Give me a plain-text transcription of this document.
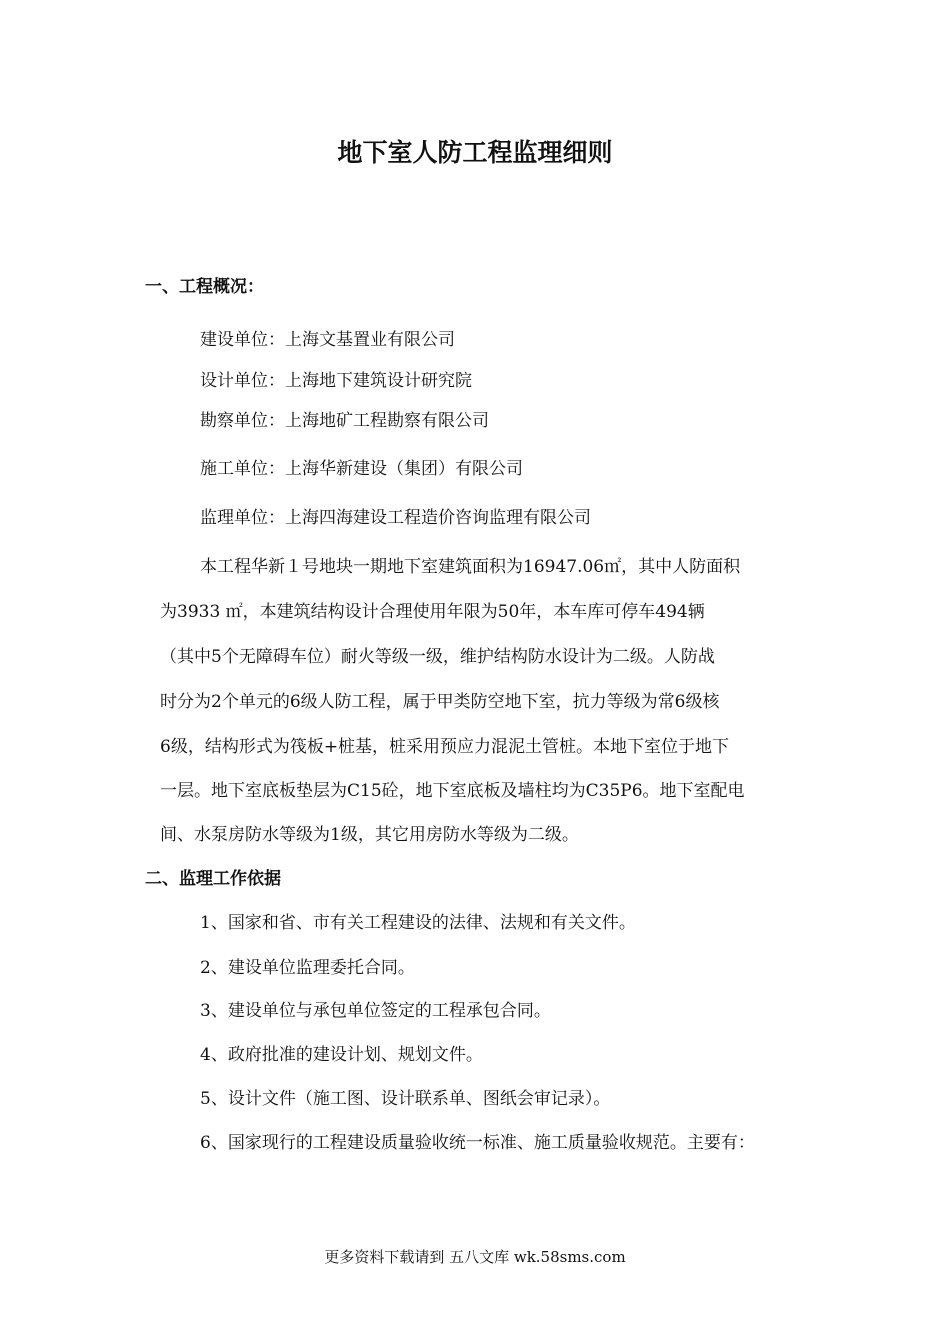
地下室人防工程监理细则
一、工程概况：
建设单位：上海文基置业有限公司
设计单位：上海地下建筑设计研究院
勘察单位：上海地矿工程勘察有限公司
施工单位：上海华新建设（集团）有限公司
监理单位：上海四海建设工程造价咨询监理有限公司
本工程华新１号地块一期地下室建筑面积为16947.06㎡，其中人防面积
为3933 ㎡，本建筑结构设计合理使用年限为50年，本车库可停车494辆
（其中5个无障碍车位）耐火等级一级，维护结构防水设计为二级。人防战
时分为2个单元的6级人防工程，属于甲类防空地下室，抗力等级为常6级核
6级，结构形式为筏板+桩基，桩采用预应力混泥土管桩。本地下室位于地下
一层。地下室底板垫层为C15砼，地下室底板及墙柱均为C35P6。地下室配电
间、水泵房防水等级为1级，其它用房防水等级为二级。
二、监理工作依据
1、国家和省、市有关工程建设的法律、法规和有关文件。
2、建设单位监理委托合同。
3、建设单位与承包单位签定的工程承包合同。
4、政府批准的建设计划、规划文件。
5、设计文件（施工图、设计联系单、图纸会审记录）。
6、国家现行的工程建设质量验收统一标准、施工质量验收规范。主要有：
更多资料下载请到 五八文库 wk.58sms.com
